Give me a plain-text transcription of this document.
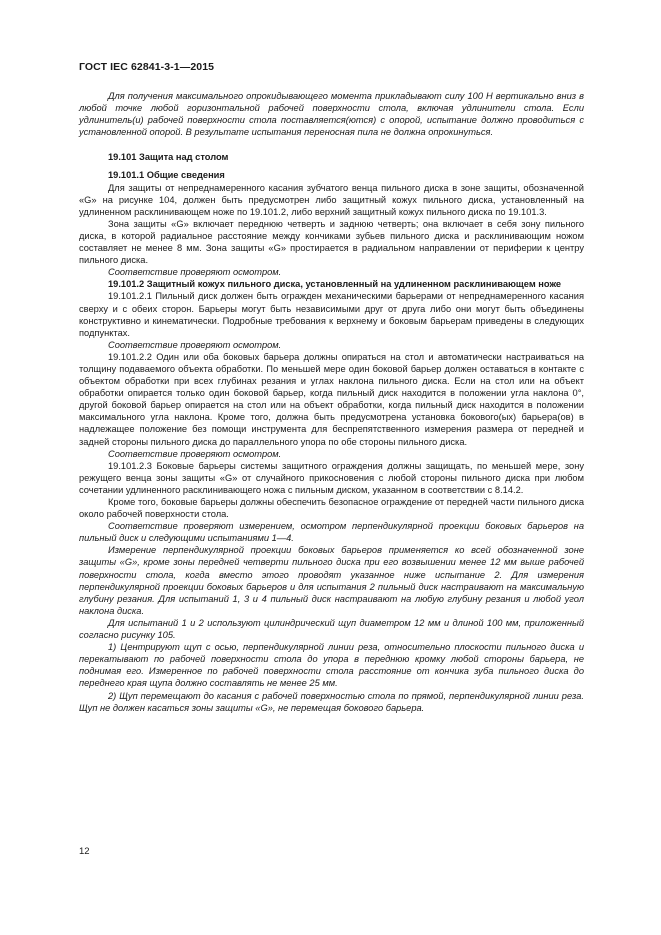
ГОСТ IEC 62841-3-1—2015

Для получения максимального опрокидывающего момента прикладывают силу 100 Н вертикально вниз в любой точке любой горизонтальной рабочей поверхности стола, включая удлинители стола. Если удлинитель(и) рабочей поверхности стола поставляется(ются) с опорой, испытание должно проводиться с установленной опорой. В результате испытания переносная пила не должна опрокинуться.

19.101 Защита над столом

19.101.1 Общие сведения

Для защиты от непреднамеренного касания зубчатого венца пильного диска в зоне защиты, обозначенной «G» на рисунке 104, должен быть предусмотрен либо защитный кожух пильного диска, установленный на удлиненном расклинивающем ноже по 19.101.2, либо верхний защитный кожух пильного диска по 19.101.3.

Зона защиты «G» включает переднюю четверть и заднюю четверть; она включает в себя зону пильного диска, в которой радиальное расстояние между кончиками зубьев пильного диска и расклинивающим ножом составляет не менее 8 мм. Зона защиты «G» простирается в радиальном направлении от периферии к центру пильного диска.

Соответствие проверяют осмотром.

19.101.2 Защитный кожух пильного диска, установленный на удлиненном расклинивающем ноже

19.101.2.1 Пильный диск должен быть огражден механическими барьерами от непреднамеренного касания сверху и с обеих сторон. Барьеры могут быть независимыми друг от друга либо они могут быть объединены конструктивно и кинематически. Подробные требования к верхнему и боковым барьерам приведены в следующих подпунктах.

Соответствие проверяют осмотром.

19.101.2.2 Один или оба боковых барьера должны опираться на стол и автоматически настраиваться на толщину подаваемого объекта обработки. По меньшей мере один боковой барьер должен оставаться в контакте с объектом обработки при всех глубинах резания и углах наклона пильного диска. Если на стол или на объект обработки опирается только один боковой барьер, когда пильный диск находится в положении угла наклона 0°, другой боковой барьер опирается на стол или на объект обработки, когда пильный диск находится в положении максимального угла наклона. Кроме того, должна быть предусмотрена установка бокового(ых) барьера(ов) в надлежащее положение без помощи инструмента для беспрепятственного измерения размера от передней и задней стороны пильного диска до параллельного упора по обе стороны пильного диска.

Соответствие проверяют осмотром.

19.101.2.3 Боковые барьеры системы защитного ограждения должны защищать, по меньшей мере, зону режущего венца зоны защиты «G» от случайного прикосновения с любой стороны пильного диска при любом сочетании удлиненного расклинивающего ножа с пильным диском, указанном в соответствии с 8.14.2.

Кроме того, боковые барьеры должны обеспечить безопасное ограждение от передней части пильного диска около рабочей поверхности стола.

Соответствие проверяют измерением, осмотром перпендикулярной проекции боковых барьеров на пильный диск и следующими испытаниями 1—4.

Измерение перпендикулярной проекции боковых барьеров применяется ко всей обозначенной зоне защиты «G», кроме зоны передней четверти пильного диска при его возвышении менее 12 мм выше рабочей поверхности стола, когда вместо этого проводят указанное ниже испытание 2. Для измерения перпендикулярной проекции боковых барьеров и для испытания 2 пильный диск настраивают на максимальную глубину резания. Для испытаний 1, 3 и 4 пильный диск настраивают на любую глубину резания и любой угол наклона диска.

Для испытаний 1 и 2 используют цилиндрический щуп диаметром 12 мм и длиной 100 мм, приложенный согласно рисунку 105.

1) Центрируют щуп с осью, перпендикулярной линии реза, относительно плоскости пильного диска и перекатывают по рабочей поверхности стола до упора в переднюю кромку любой стороны барьера, не поднимая его. Измеренное по рабочей поверхности стола расстояние от кончика зуба пильного диска до переднего края щупа должно составлять не менее 25 мм.

2) Щуп перемещают до касания с рабочей поверхностью стола по прямой, перпендикулярной линии реза. Щуп не должен касаться зоны защиты «G», не перемещая бокового барьера.

12
